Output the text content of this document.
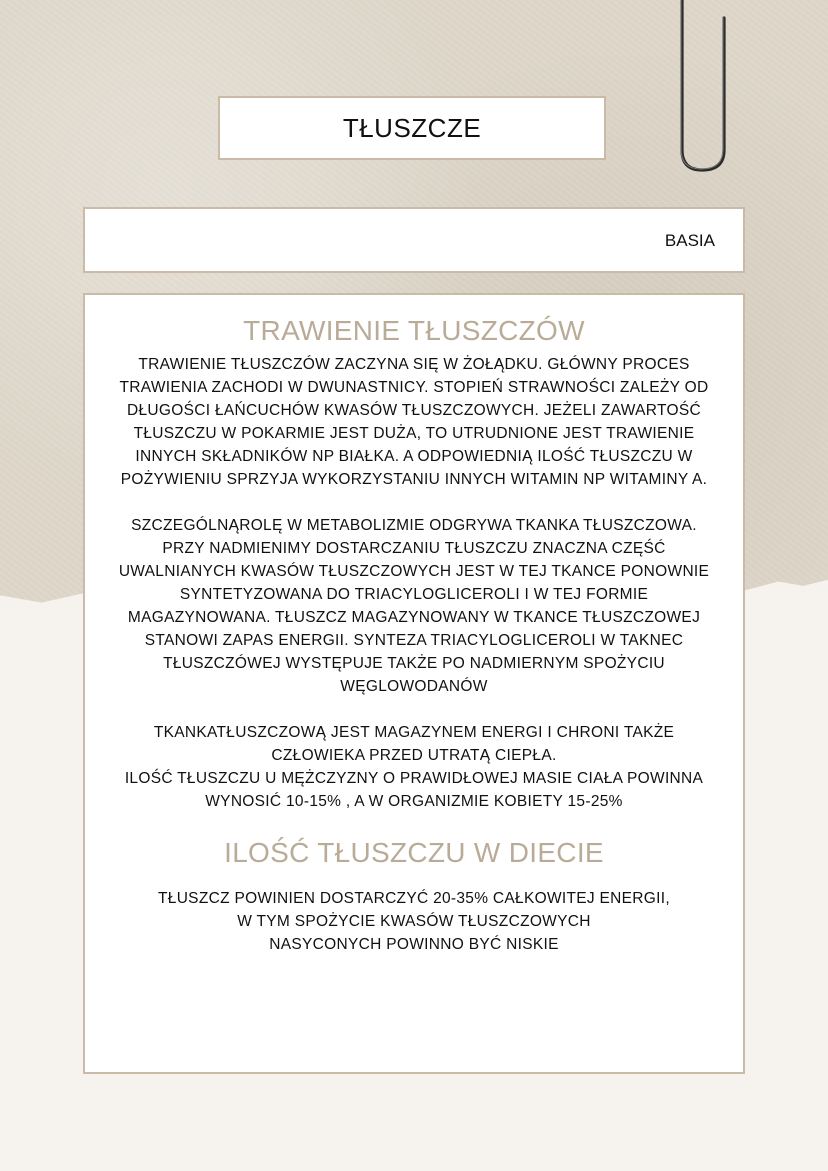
TŁUSZCZE
BASIA
TRAWIENIE TŁUSZCZÓW

TRAWIENIE TŁUSZCZÓW ZACZYNA SIĘ W ŻOŁĄDKU. GŁÓWNY PROCES TRAWIENIA ZACHODI W DWUNASTNICY. STOPIEŃ STRAWNOŚCI ZALEŻY OD DŁUGOŚCI ŁAŃCUCHÓW KWASÓW TŁUSZCZOWYCH. JEŻELI ZAWARTOŚĆ TŁUSZCZU W POKARMIE JEST DUŻA, TO UTRUDNIONE JEST TRAWIENIE INNYCH SKŁADNIKÓW NP BIAŁKA. A ODPOWIEDNIĄ ILOŚĆ TŁUSZCZU W POŻYWIENIU SPRZYJA WYKORZYSTANIU INNYCH WITAMIN NP WITAMINY A.

SZCZEGÓLNĄROLĘ W METABOLIZMIE ODGRYWA TKANKA TŁUSZCZOWA. PRZY NADMIENIMY DOSTARCZANIU TŁUSZCZU ZNACZNA CZĘŚĆ UWALNIANYCH KWASÓW TŁUSZCZOWYCH JEST W TEJ TKANCE PONOWNIE SYNTETYZOWANA DO TRIACYLOGLICEROLI I W TEJ FORMIE MAGAZYNOWANA. TŁUSZCZ MAGAZYNOWANY W TKANCE TŁUSZCZOWEJ STANOWI ZAPAS ENERGII. SYNTEZA TRIACYLOGLICEROLI W TAKNEC TŁUSZCZÓWEJ WYSTĘPUJE TAKŻE PO NADMIERNYM SPOŻYCIU WĘGLOWODANÓW

TKANKATŁUSZCZOWĄ JEST MAGAZYNEM ENERGI I CHRONI TAKŻE CZŁOWIEKA PRZED UTRATĄ CIEPŁA.

ILOŚĆ TŁUSZCZU U MĘŻCZYZNY O PRAWIDŁOWEJ MASIE CIAŁA POWINNA WYNOSIĆ 10-15% , A W ORGANIZMIE KOBIETY 15-25%

ILOŚĆ TŁUSZCZU W DIECIE

TŁUSZCZ POWINIEN DOSTARCZYĆ 20-35% CAŁKOWITEJ ENERGII,

W TYM SPOŻYCIE KWASÓW TŁUSZCZOWYCH NASYCONYCH POWINNO BYĆ NISKIE
